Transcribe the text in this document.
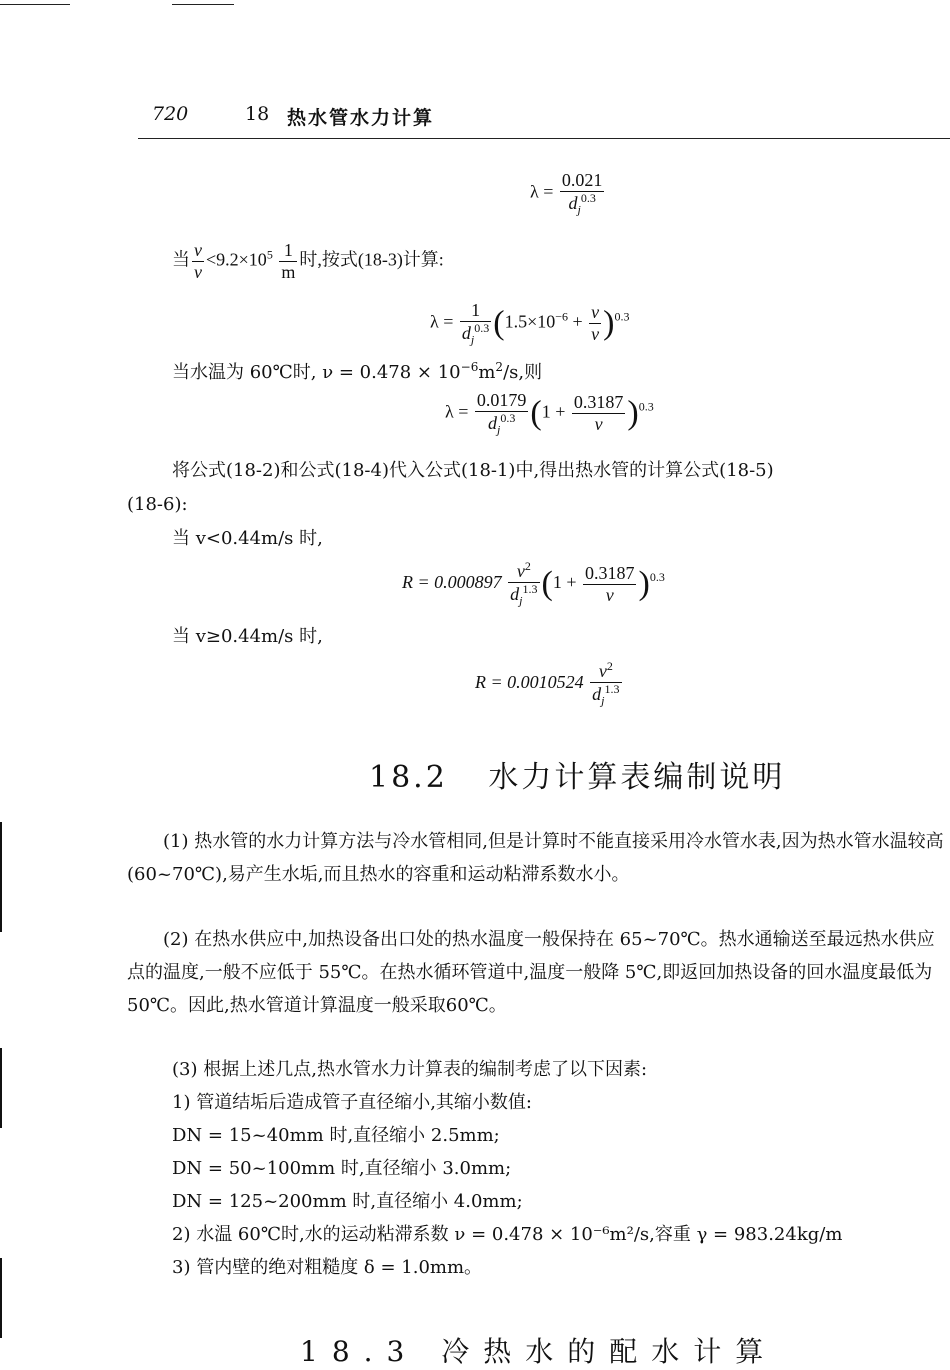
720	18 热水管水力计算
$\lambda = \frac{0.021}{d_j^{0.3}}$
当 $\frac{v}{\nu} <9.2\times 10^5 \frac{1}{m}$ 时,按式(18-3)计算:
$\lambda = \frac{1}{d_j^{0.3}} (1.5\times 10^{-6} + \frac{\nu}{v} )^{0.3}$
当水温为 60℃时, $\nu = 0.478 \times 10^{-6}m^2/s$,则
$\lambda = \frac{0.0179}{d_j^{0.3}} (1 + \frac{0.3187}{v} )^{0.3}$
将公式(18-2)和公式(18-4)代入公式(18-1)中,得出热水管的计算公式(18-5)
(18-6):
当 v<0.44m/s 时,
$R = 0.000897 \frac{v^2}{d_j^{1.3}} (1 + \frac{0.3187}{v} )^{0.3}$
当 v≥0.44m/s 时,
$R = 0.0010524 \frac{v^2}{d_j^{1.3}}$
18.2 水力计算表编制说明
(1) 热水管的水力计算方法与冷水管相同,但是计算时不能直接采用冷水管水表,因为热水管水温较高(60~70℃),易产生水垢,而且热水的容重和运动粘滞系数水小。
(2) 在热水供应中,加热设备出口处的热水温度一般保持在 65~70℃。热水通输送至最远热水供应点的温度,一般不应低于 55℃。在热水循环管道中,温度一般降 5℃,即返回加热设备的回水温度最低为 50℃。因此,热水管道计算温度一般采取60℃。
(3) 根据上述几点,热水管水力计算表的编制考虑了以下因素:
1) 管道结垢后造成管子直径缩小,其缩小数值:
DN = 15~40mm 时,直径缩小 2.5mm;
DN = 50~100mm 时,直径缩小 3.0mm;
DN = 125~200mm 时,直径缩小 4.0mm;
2) 水温 60℃时,水的运动粘滞系数 ν = 0.478 × 10⁻⁶m²/s,容重 γ = 983.24kg/m
3) 管内壁的绝对粗糙度 δ = 1.0mm。
18.3 冷热水的配水计算
